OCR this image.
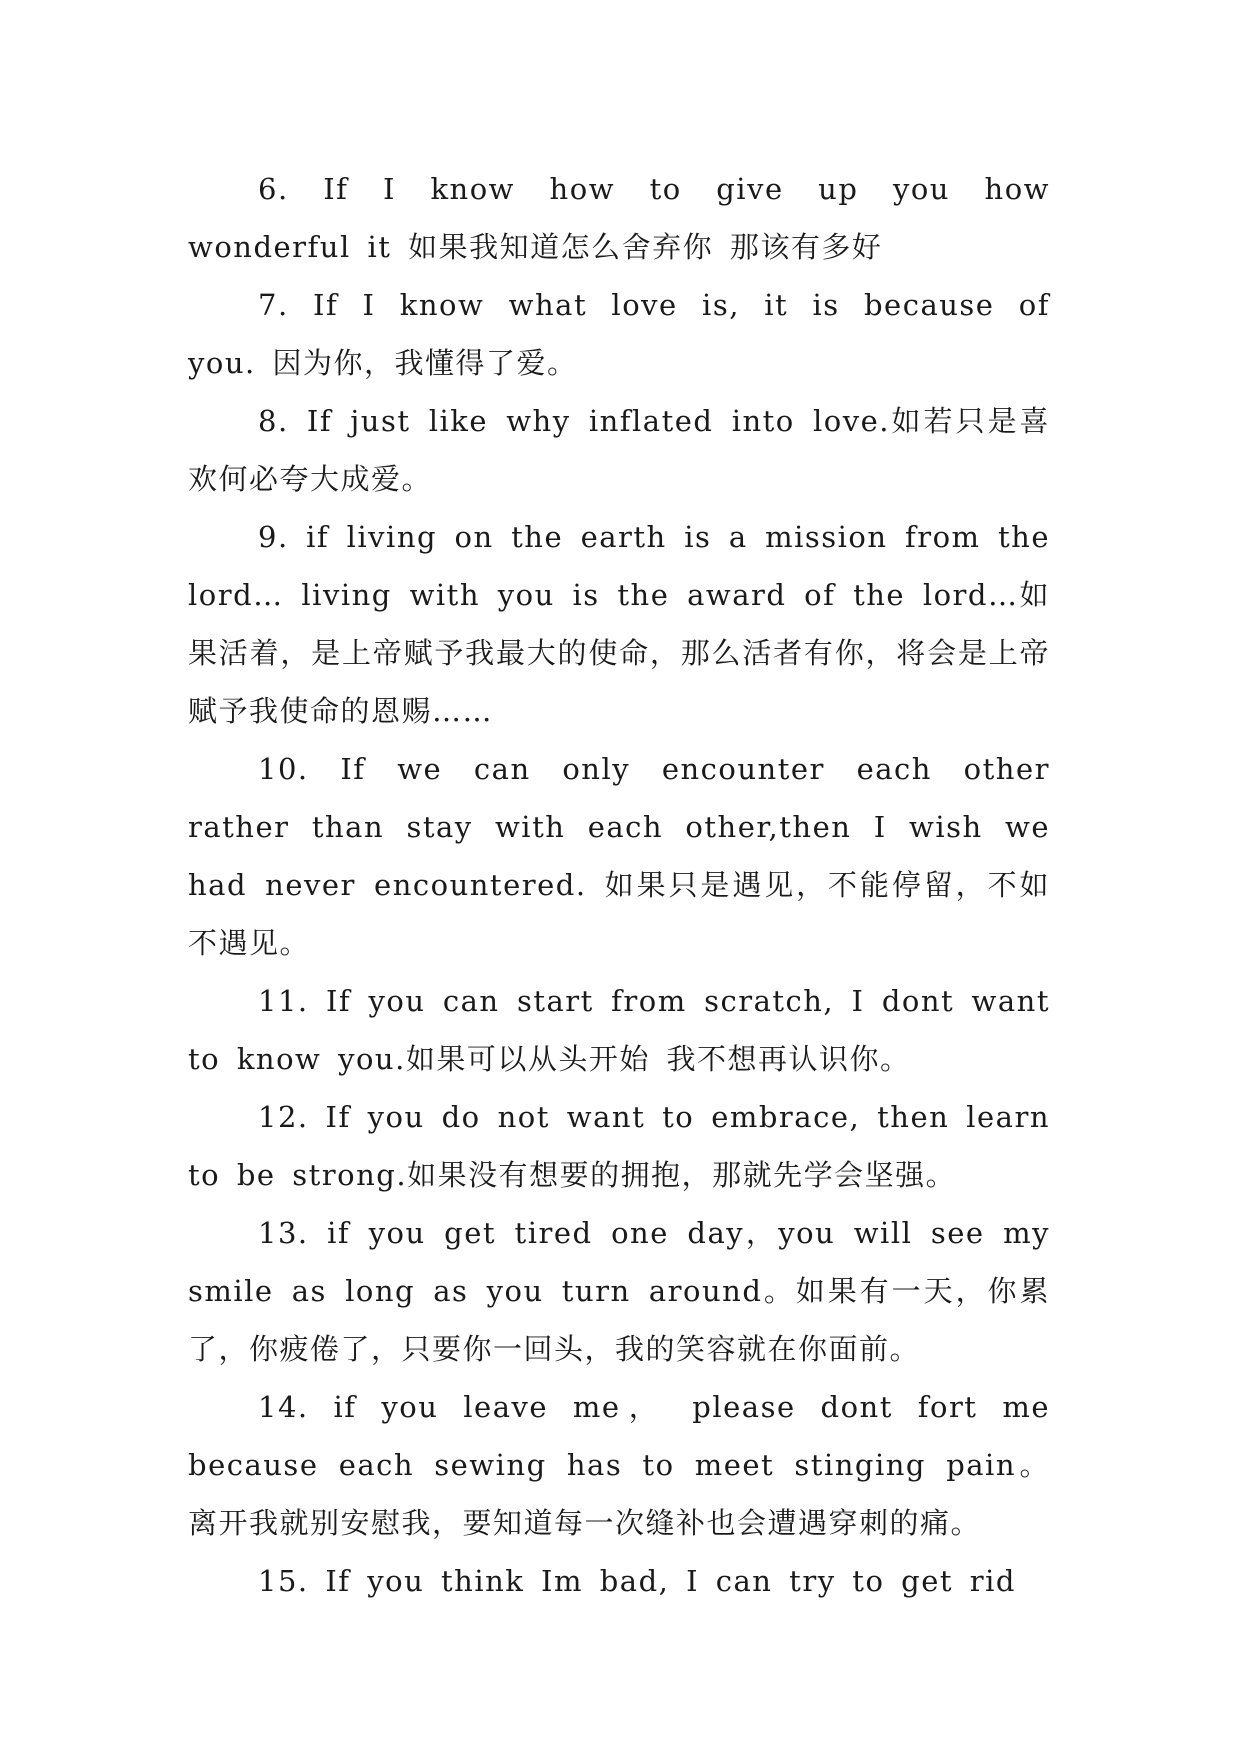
6. If I know how to give up you how wonderful it 如果我知道怎么舍弃你 那该有多好

7. If I know what love is, it is because of you. 因为你，我懂得了爱。

8. If just like why inflated into love.如若只是喜欢何必夸大成爱。

9. if living on the earth is a mission from the lord… living with you is the award of the lord…如果活着，是上帝赋予我最大的使命，那么活者有你，将会是上帝赋予我使命的恩赐……

10. If we can only encounter each other rather than stay with each other,then I wish we had never encountered. 如果只是遇见，不能停留，不如不遇见。

11. If you can start from scratch, I dont want to know you.如果可以从头开始 我不想再认识你。

12. If you do not want to embrace, then learn to be strong.如果没有想要的拥抱，那就先学会坚强。

13. if you get tired one day，you will see my smile as long as you turn around。如果有一天，你累了，你疲倦了，只要你一回头，我的笑容就在你面前。

14. if you leave me， please dont fort me because each sewing has to meet stinging pain。离开我就别安慰我，要知道每一次缝补也会遭遇穿刺的痛。

15. If you think Im bad, I can try to get rid
